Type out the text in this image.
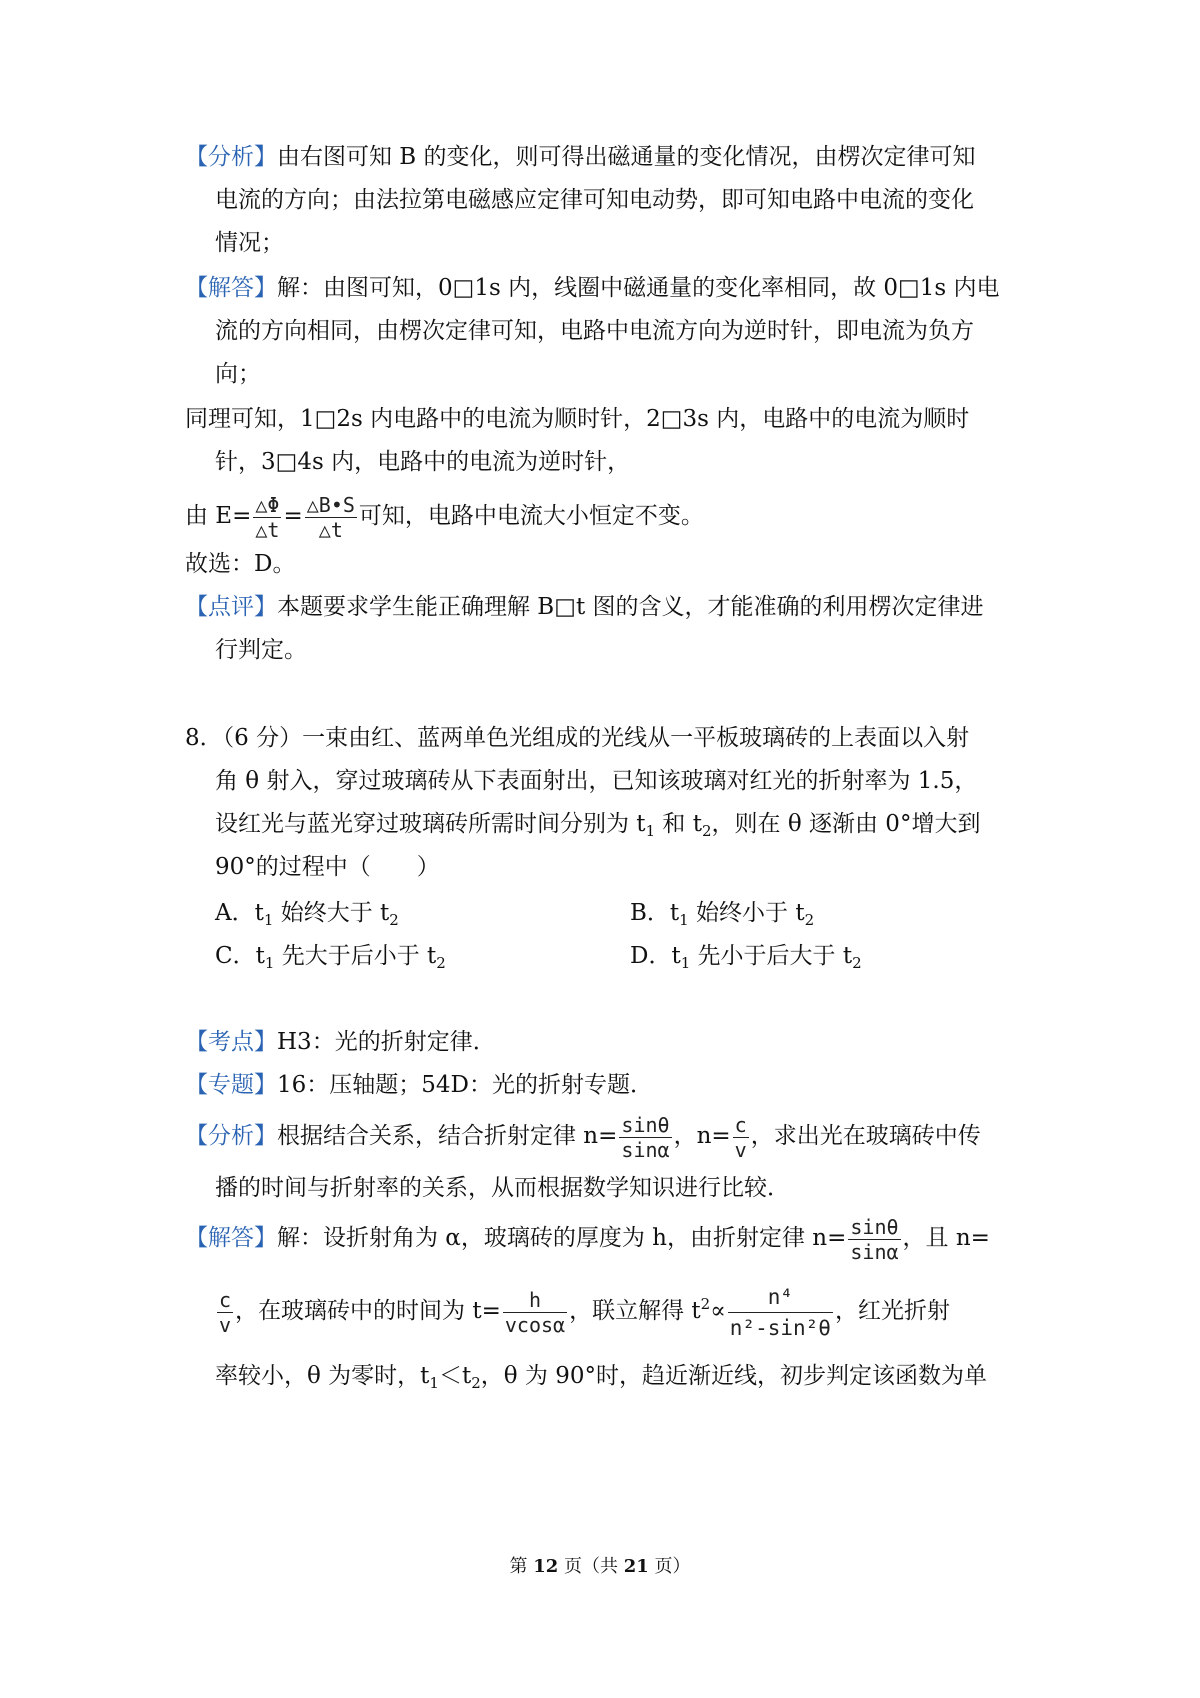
【分析】由右图可知 B 的变化，则可得出磁通量的变化情况，由楞次定律可知
电流的方向；由法拉第电磁感应定律可知电动势，即可知电路中电流的变化
情况；
【解答】解：由图可知，0□1s 内，线圈中磁通量的变化率相同，故 0□1s 内电
流的方向相同，由楞次定律可知，电路中电流方向为逆时针，即电流为负方
向；
同理可知，1□2s 内电路中的电流为顺时针，2□3s 内，电路中的电流为顺时
针，3□4s 内，电路中的电流为逆时针，
由 $E= \frac{\triangle\Phi}{\triangle t} = \frac{\triangle B•S}{\triangle t}$ 可知，电路中电流大小恒定不变。
故选：D。
【点评】本题要求学生能正确理解 B□t 图的含义，才能准确的利用楞次定律进
行判定。
8．（6 分）一束由红、蓝两单色光组成的光线从一平板玻璃砖的上表面以入射
角 θ 射入，穿过玻璃砖从下表面射出，已知该玻璃对红光的折射率为 1.5，
设红光与蓝光穿过玻璃砖所需时间分别为 $t_1$ 和 $t_2$，则在 θ 逐渐由 0°增大到
90°的过程中（　　）
A．$t_1$ 始终大于 $t_2$	B．$t_1$ 始终小于 $t_2$
C．$t_1$ 先大于后小于 $t_2$	D．$t_1$ 先小于后大于 $t_2$
【考点】H3：光的折射定律．
【专题】16：压轴题；54D：光的折射专题．
【分析】根据结合关系，结合折射定律 $n= \frac{\sin\theta}{\sin\alpha}$ ，$n= \frac{c}{v}$ ，求出光在玻璃砖中传
播的时间与折射率的关系，从而根据数学知识进行比较．
【解答】解：设折射角为 α，玻璃砖的厚度为 h，由折射定律 $n= \frac{\sin\theta}{\sin\alpha}$ ，且 n=
$\frac{c}{v}$ ，在玻璃砖中的时间为 $t= \frac{h}{vcos\alpha}$ ，联立解得 $t^2\propto \frac{\text{n⁴}}{\text{n²-sin²θ}}$ ，红光折射
率较小，θ 为零时，$t_1<t_2$，θ 为 90°时，趋近渐近线，初步判定该函数为单
第 12 页（共 21 页）
